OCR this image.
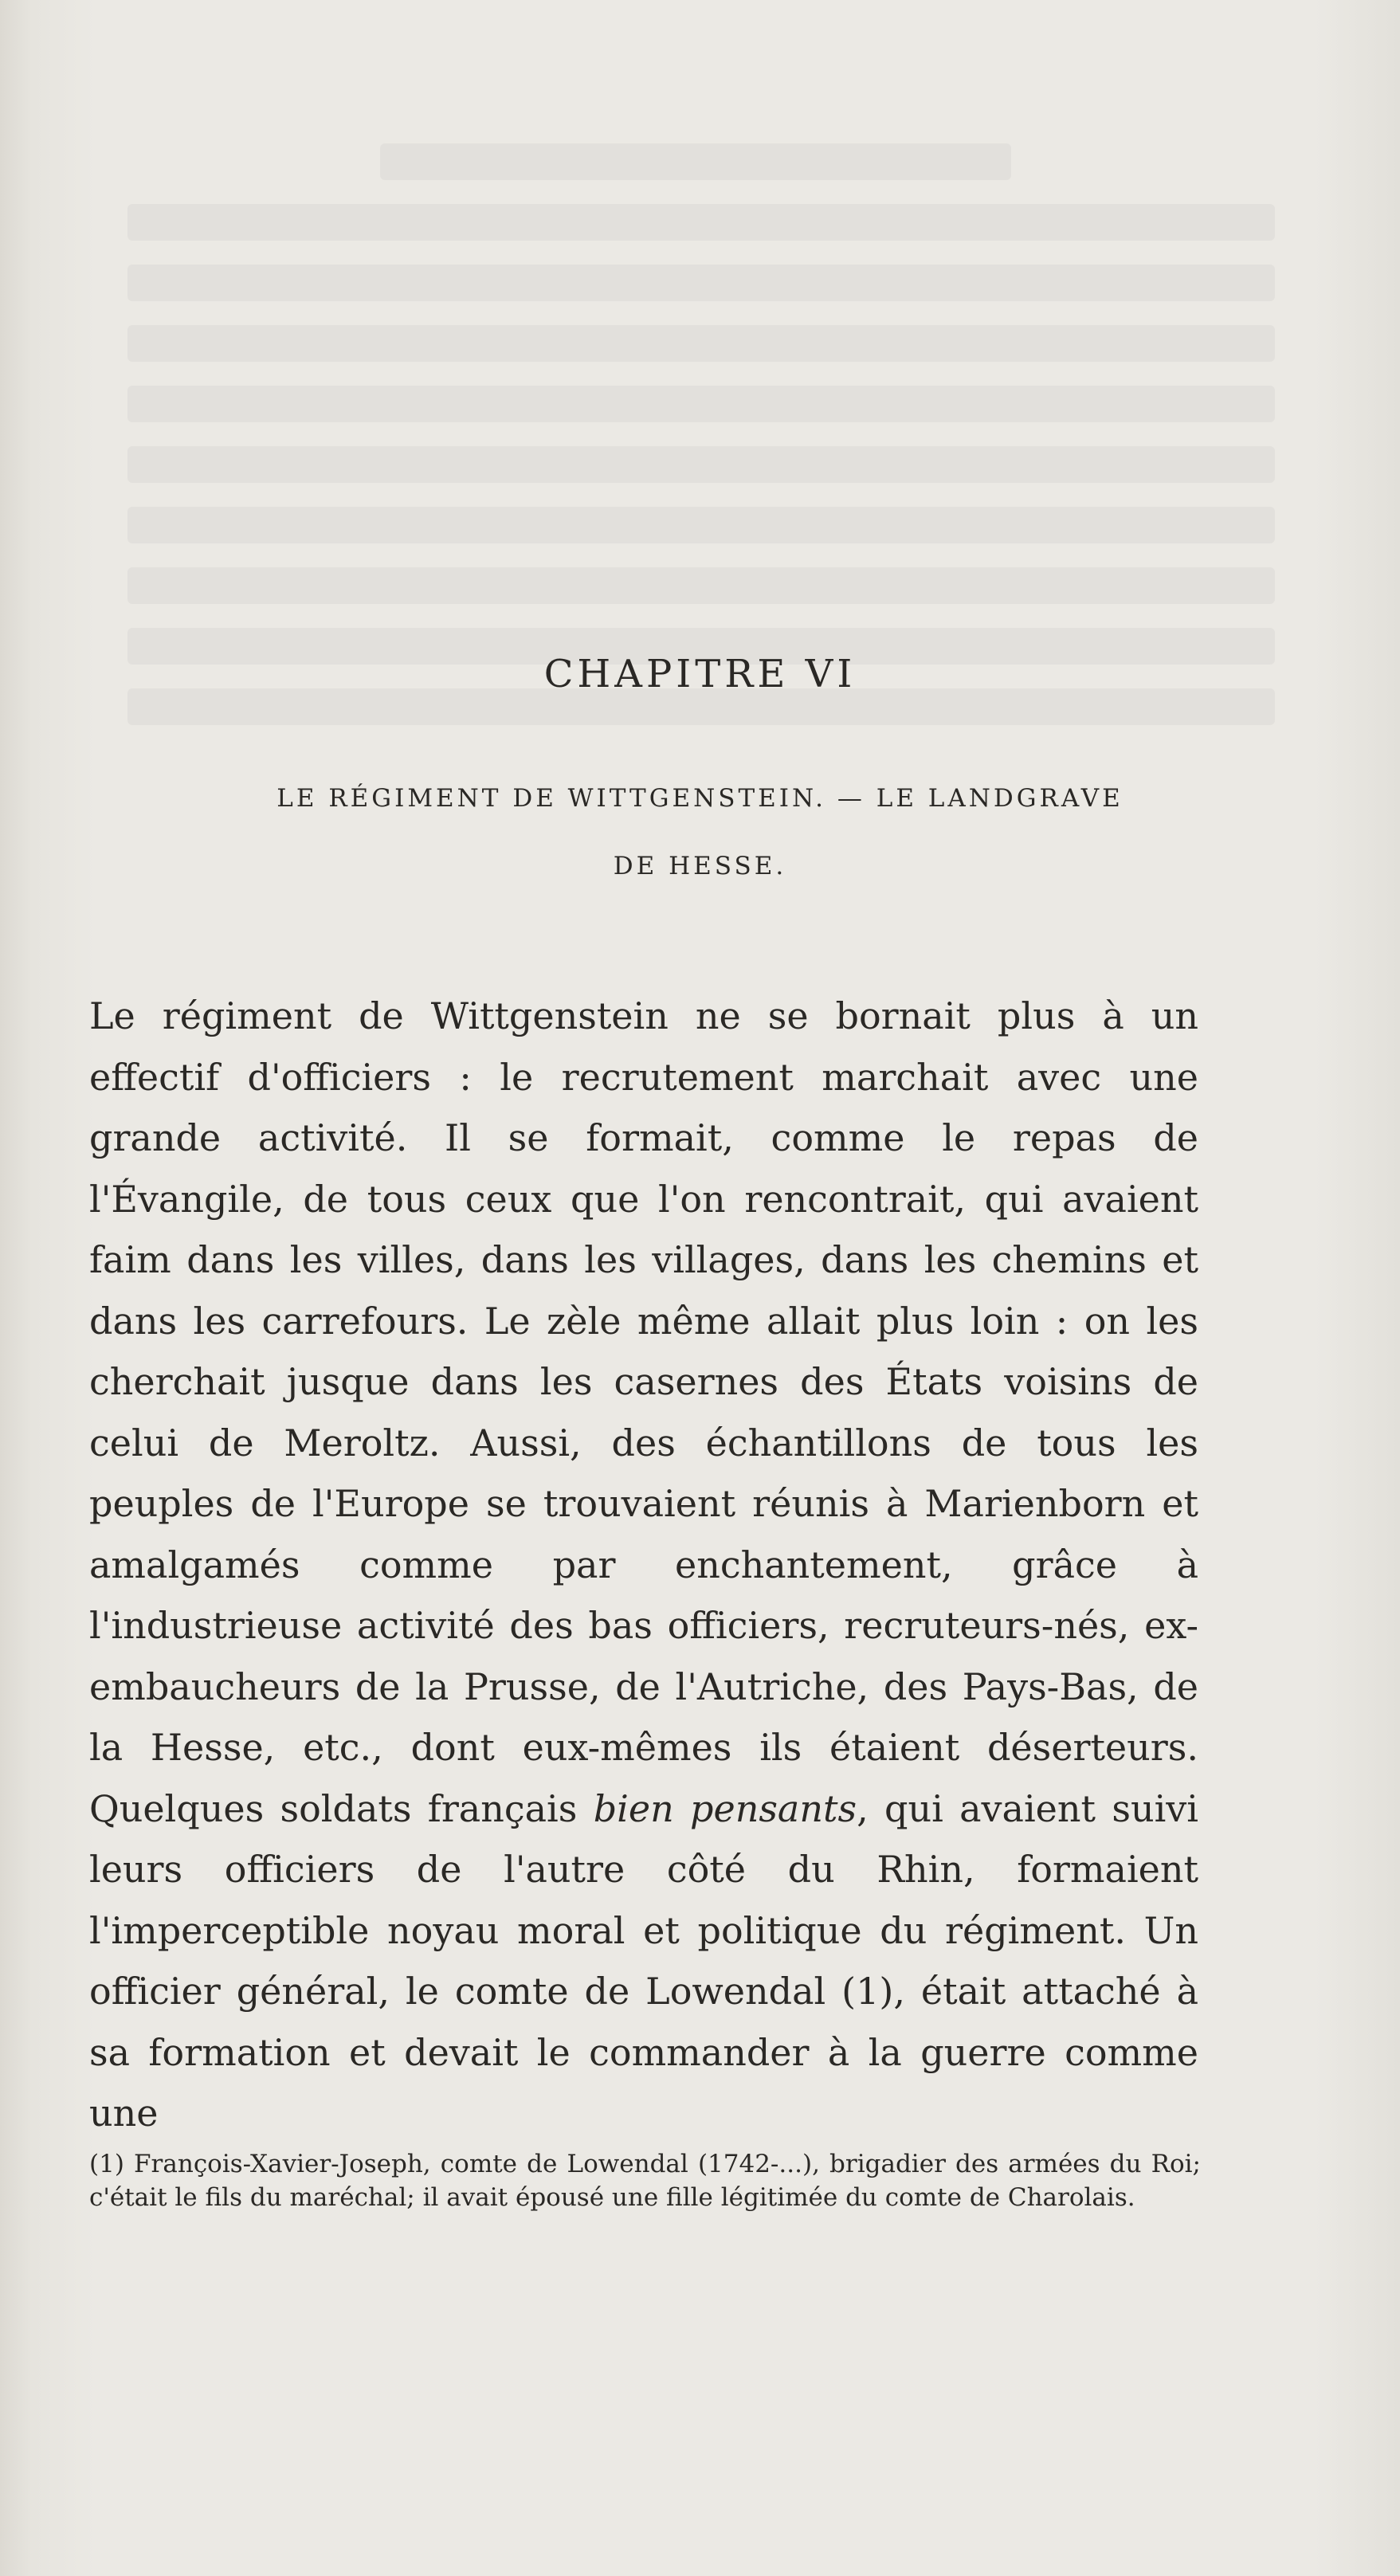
CHAPITRE VI

LE RÉGIMENT DE WITTGENSTEIN. — LE LANDGRAVE
DE HESSE.

Le régiment de Wittgenstein ne se bornait plus à un effectif d'officiers : le recrutement marchait avec une grande activité. Il se formait, comme le repas de l'Évangile, de tous ceux que l'on rencontrait, qui avaient faim dans les villes, dans les villages, dans les chemins et dans les carrefours. Le zèle même allait plus loin : on les cherchait jusque dans les casernes des États voisins de celui de Meroltz. Aussi, des échantillons de tous les peuples de l'Europe se trouvaient réunis à Marienborn et amalgamés comme par enchantement, grâce à l'industrieuse activité des bas officiers, recruteurs-nés, ex-embaucheurs de la Prusse, de l'Autriche, des Pays-Bas, de la Hesse, etc., dont eux-mêmes ils étaient déserteurs. Quelques soldats français bien pensants, qui avaient suivi leurs officiers de l'autre côté du Rhin, formaient l'imperceptible noyau moral et politique du régiment. Un officier général, le comte de Lowendal (1), était attaché à sa formation et devait le commander à la guerre comme une

(1) François-Xavier-Joseph, comte de Lowendal (1742-...), brigadier des armées du Roi; c'était le fils du maréchal; il avait épousé une fille légitimée du comte de Charolais.
